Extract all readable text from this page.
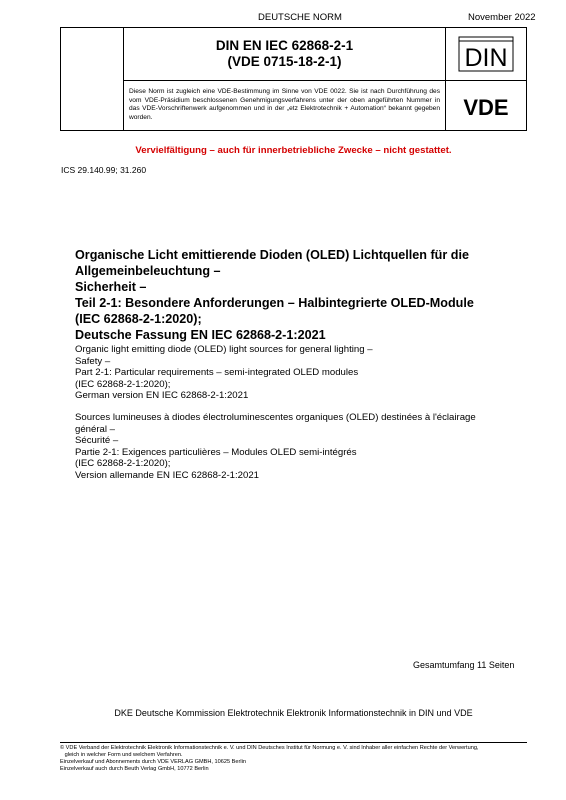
DEUTSCHE NORM	November 2022
DIN EN IEC 62868-2-1
(VDE 0715-18-2-1)	DIN
Diese Norm ist zugleich eine VDE-Bestimmung im Sinne von VDE 0022. Sie ist nach Durchführung des vom VDE-Präsidium beschlossenen Genehmigungsverfahrens unter der oben angeführten Nummer in das VDE-Vorschriftenwerk aufgenommen und in der „etz Elektrotechnik + Automation“ bekannt gegeben worden.	VDE
Vervielfältigung – auch für innerbetriebliche Zwecke – nicht gestattet.
ICS 29.140.99; 31.260
Organische Licht emittierende Dioden (OLED) Lichtquellen für die
Allgemeinbeleuchtung –
Sicherheit –
Teil 2-1: Besondere Anforderungen – Halbintegrierte OLED-Module
(IEC 62868-2-1:2020);
Deutsche Fassung EN IEC 62868-2-1:2021
Organic light emitting diode (OLED) light sources for general lighting –
Safety –
Part 2-1: Particular requirements – semi-integrated OLED modules
(IEC 62868-2-1:2020);
German version EN IEC 62868-2-1:2021
Sources lumineuses à diodes électroluminescentes organiques (OLED) destinées à l'éclairage
général –
Sécurité –
Partie 2-1: Exigences particulières – Modules OLED semi-intégrés
(IEC 62868-2-1:2020);
Version allemande EN IEC 62868-2-1:2021
Gesamtumfang 11 Seiten
DKE Deutsche Kommission Elektrotechnik Elektronik Informationstechnik in DIN und VDE
© VDE Verband der Elektrotechnik Elektronik Informationstechnik e. V. und DIN Deutsches Institut für Normung e. V. sind Inhaber aller einfachen Rechte der Verwertung,
gleich in welcher Form und welchem Verfahren.
Einzelverkauf und Abonnements durch VDE VERLAG GMBH, 10625 Berlin
Einzelverkauf auch durch Beuth Verlag GmbH, 10772 Berlin
